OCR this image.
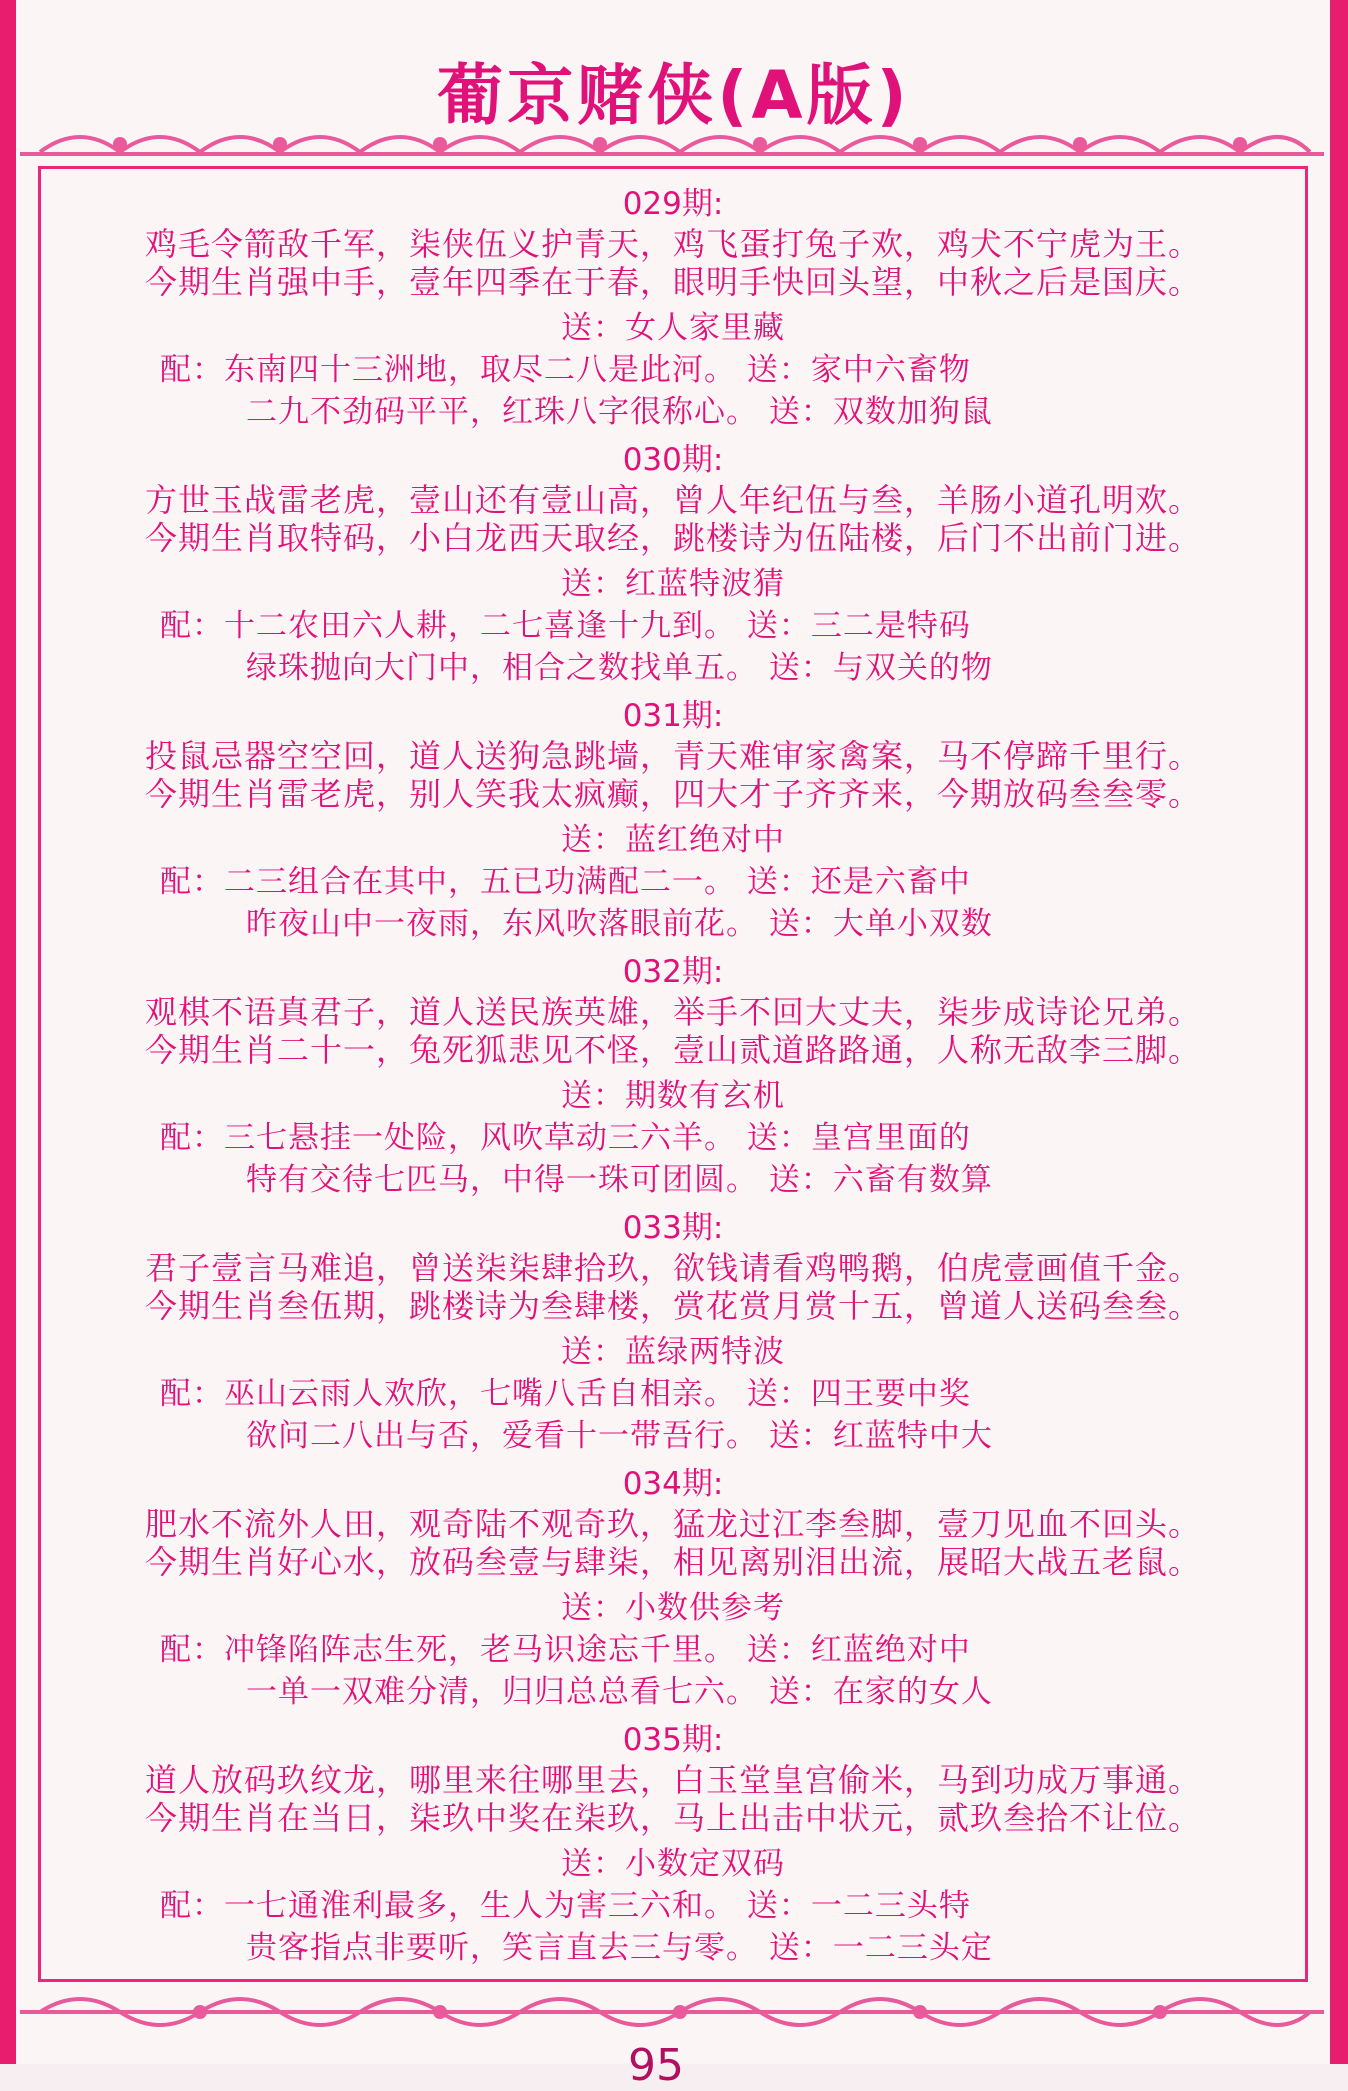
葡京赌侠(A版)
029期:
鸡毛令箭敌千军，柒侠伍义护青天，鸡飞蛋打兔子欢，鸡犬不宁虎为王。
今期生肖强中手，壹年四季在于春，眼明手快回头望，中秋之后是国庆。
送：女人家里藏
配：东南四十三洲地，取尽二八是此河。 送：家中六畜物
二九不劲码平平，红珠八字很称心。 送：双数加狗鼠
030期:
方世玉战雷老虎，壹山还有壹山高，曾人年纪伍与叁，羊肠小道孔明欢。
今期生肖取特码，小白龙西天取经，跳楼诗为伍陆楼，后门不出前门进。
送：红蓝特波猜
配：十二农田六人耕，二七喜逢十九到。 送：三二是特码
绿珠抛向大门中，相合之数找单五。 送：与双关的物
031期:
投鼠忌器空空回，道人送狗急跳墙，青天难审家禽案，马不停蹄千里行。
今期生肖雷老虎，别人笑我太疯癫，四大才子齐齐来，今期放码叁叁零。
送：蓝红绝对中
配：二三组合在其中，五已功满配二一。 送：还是六畜中
昨夜山中一夜雨，东风吹落眼前花。 送：大单小双数
032期:
观棋不语真君子，道人送民族英雄，举手不回大丈夫，柒步成诗论兄弟。
今期生肖二十一，兔死狐悲见不怪，壹山贰道路路通，人称无敌李三脚。
送：期数有玄机
配：三七悬挂一处险，风吹草动三六羊。 送：皇宫里面的
特有交待七匹马，中得一珠可团圆。 送：六畜有数算
033期:
君子壹言马难追，曾送柒柒肆拾玖，欲钱请看鸡鸭鹅，伯虎壹画值千金。
今期生肖叁伍期，跳楼诗为叁肆楼，赏花赏月赏十五，曾道人送码叁叁。
送：蓝绿两特波
配：巫山云雨人欢欣，七嘴八舌自相亲。 送：四王要中奖
欲问二八出与否，爱看十一带吾行。 送：红蓝特中大
034期:
肥水不流外人田，观奇陆不观奇玖，猛龙过江李叁脚，壹刀见血不回头。
今期生肖好心水，放码叁壹与肆柒，相见离别泪出流，展昭大战五老鼠。
送：小数供参考
配：冲锋陷阵志生死，老马识途忘千里。 送：红蓝绝对中
一单一双难分清，归归总总看七六。 送：在家的女人
035期:
道人放码玖纹龙，哪里来往哪里去，白玉堂皇宫偷米，马到功成万事通。
今期生肖在当日，柒玖中奖在柒玖，马上出击中状元，贰玖叁拾不让位。
送：小数定双码
配：一七通淮利最多，生人为害三六和。 送：一二三头特
贵客指点非要听，笑言直去三与零。 送：一二三头定
95
